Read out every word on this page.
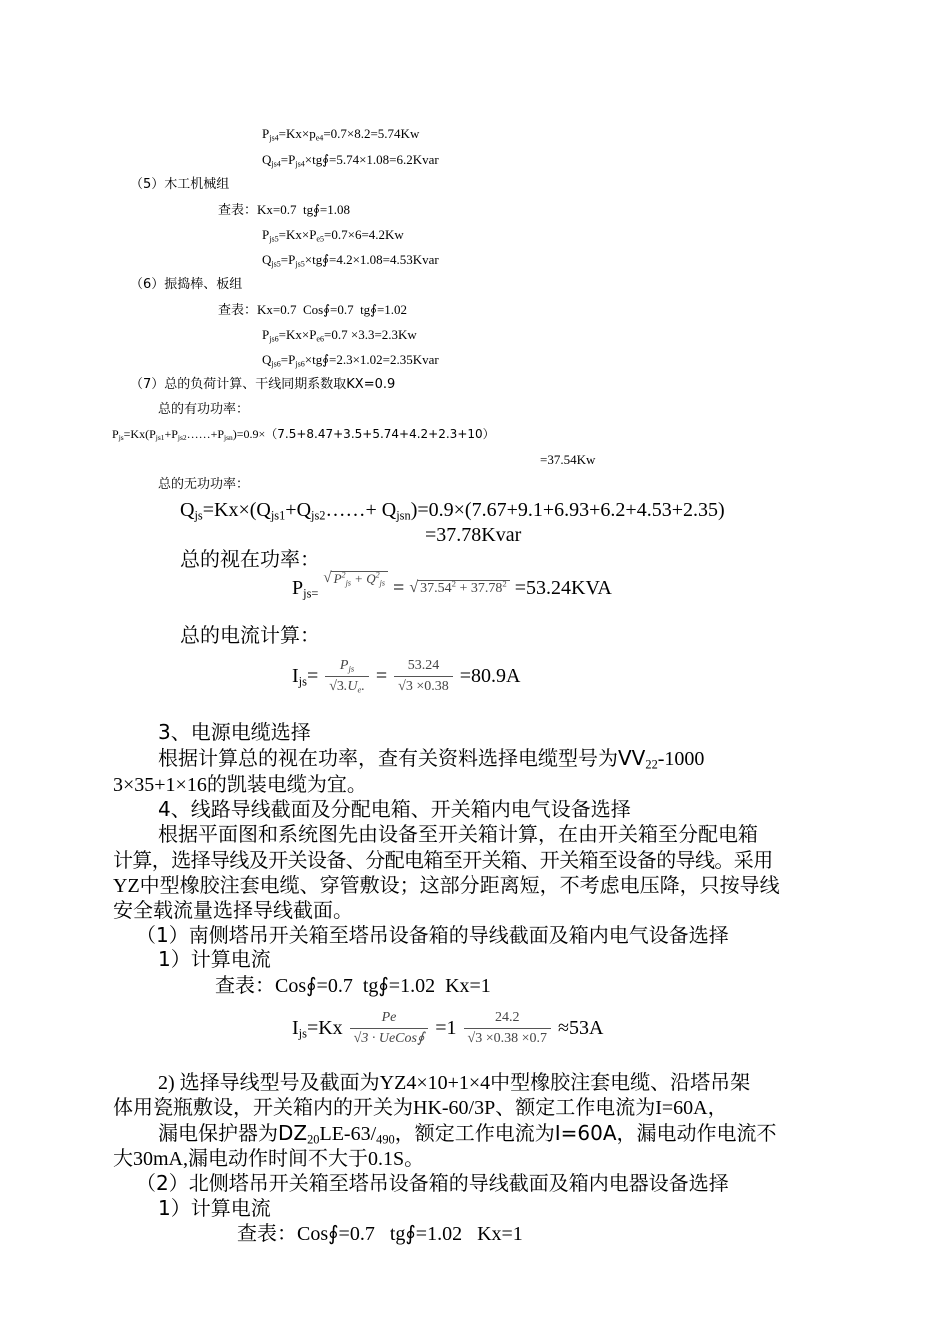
$P_{js4}=Kx\times p_{e4}=0.7\times 8.2=5.74Kw$
$Q_{js4}=P_{js4}\times tg∮=5.74\times 1.08=6.2Kvar$
（5）木工机械组
查表：Kx=0.7  tg∮=1.08
$P_{js5}=Kx\times P_{e5}=0.7\times 6=4.2Kw$
$Q_{js5}=P_{js5}\times tg∮=4.2\times 1.08=4.53Kvar$
（6）振捣棒、板组
查表：Kx=0.7  Cos∮=0.7  tg∮=1.02
$P_{js6}=Kx\times P_{e6}=0.7 \times 3.3=2.3Kw$
$Q_{js6}=P_{js6}\times tg∮=2.3\times 1.02=2.35Kvar$
（7）总的负荷计算、干线同期系数取KX=0.9
总的有功功率：
$P_{js}=Kx(P_{js1}+P_{js2}\dots\dots+P_{jsn})=0.9\times(7.5+8.47+3.5+5.74+4.2+2.3+10)$
=37.54Kw
总的无功功率：
$Q_{js}=Kx\times(Q_{js1}+Q_{js2}\dots\dots+ Q_{jsn})=0.9\times(7.67+9.1+6.93+6.2+4.53+2.35)$
=37.78Kvar
总的视在功率：
$P_{js=}$
√ $P^2_{js} + Q^2_{js}$ = √ $37.54^2 + 37.78^2 =53.24KVA$
总的电流计算：
$I_{js}= \frac{P_{js}}{√3.U_e.} = \frac{53.24}{√3 \times 0.38} =80.9A$
3、电源电缆选择
根据计算总的视在功率，查有关资料选择电缆型号为$VV_{22}-1000$
3×35+1×16的凯装电缆为宜。
4、线路导线截面及分配电箱、开关箱内电气设备选择
根据平面图和系统图先由设备至开关箱计算，在由开关箱至分配电箱
计算，选择导线及开关设备、分配电箱至开关箱、开关箱至设备的导线。采用
YZ中型橡胶注套电缆、穿管敷设；这部分距离短，不考虑电压降，只按导线
安全载流量选择导线截面。
（1）南侧塔吊开关箱至塔吊设备箱的导线截面及箱内电气设备选择
1）计算电流
查表：Cos∮=0.7  tg∮=1.02  Kx=1
$I_{js}=Kx \frac{Pe}{\text{√3 · UeCos∮}} =1 \frac{24.2}{√3 \times 0.38 \times 0.7} \approx 53A$
2) 选择导线型号及截面为YZ4×10+1×4中型橡胶注套电缆、沿塔吊架
体用瓷瓶敷设，开关箱内的开关为HK-60/3P、额定工作电流为I=60A，
漏电保护器为$DZ_{20}LE-63/_{490}$，额定工作电流为I=60A，漏电动作电流不
大30mA,漏电动作时间不大于0.1S。
（2）北侧塔吊开关箱至塔吊设备箱的导线截面及箱内电器设备选择
1）计算电流
查表：Cos∮=0.7   tg∮=1.02   Kx=1
